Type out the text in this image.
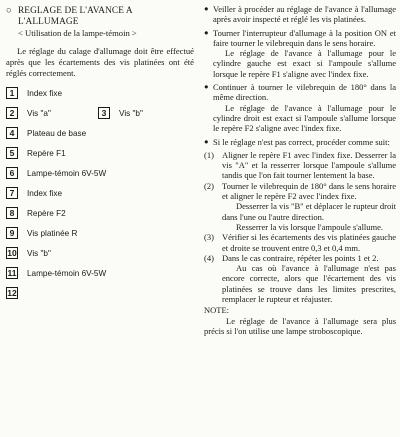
○ REGLAGE DE L'AVANCE A
L'ALLUMAGE
< Utilisation de la lampe-témoin >
Le réglage du calage d'allumage doit être effectué après que les écartements des vis platinées ont été réglés correctement.
1	Index fixe
2	Vis "a"	3	Vis "b"
4	Plateau de base
5	Repère F1
6	Lampe-témoin 6V-5W
7	Index fixe
8	Repère F2
9	Vis platinée R
10 Vis "b"
11 Lampe-témoin 6V-5W
12
● Veiller à procéder au réglage de l'avance à l'allumage après avoir inspecté et réglé les vis platinées.
● Tourner l'interrupteur d'allumage à la position ON et faire tourner le vilebrequin dans le sens horaire.
Le réglage de l'avance à l'allumage pour le cylindre gauche est exact si l'ampoule s'allume lorsque le repère F1 s'aligne avec l'index fixe.
● Continuer à tourner le vilebrequin de 180° dans la même direction.
Le réglage de l'avance à l'allumage pour le cylindre droit est exact si l'ampoule s'allume lorsque le repère F2 s'aligne avec l'index fixe.
● Si le réglage n'est pas correct, procéder comme suit:
(1) Aligner le repère F1 avec l'index fixe. Desserrer la vis "A" et la resserrer lorsque l'ampoule s'allume tandis que l'on fait tourner lentement la base.
(2) Tourner le vilebrequin de 180° dans le sens horaire et aligner le repère F2 avec l'index fixe.
Desserrer la vis "B" et déplacer le rupteur droit dans l'une ou l'autre direction.
Resserrer la vis lorsque l'ampoule s'allume.
(3) Vérifier si les écartements des vis platinées gauche et droite se trouvent entre 0,3 et 0,4 mm.
(4) Dans le cas contraire, répéter les points 1 et 2.
Au cas où l'avance à l'allumage n'est pas encore correcte, alors que l'écartement des vis platinées se trouve dans les limites prescrites, remplacer le rupteur et réajuster.
NOTE:
Le réglage de l'avance à l'allumage sera plus précis si l'on utilise une lampe stroboscopique.
